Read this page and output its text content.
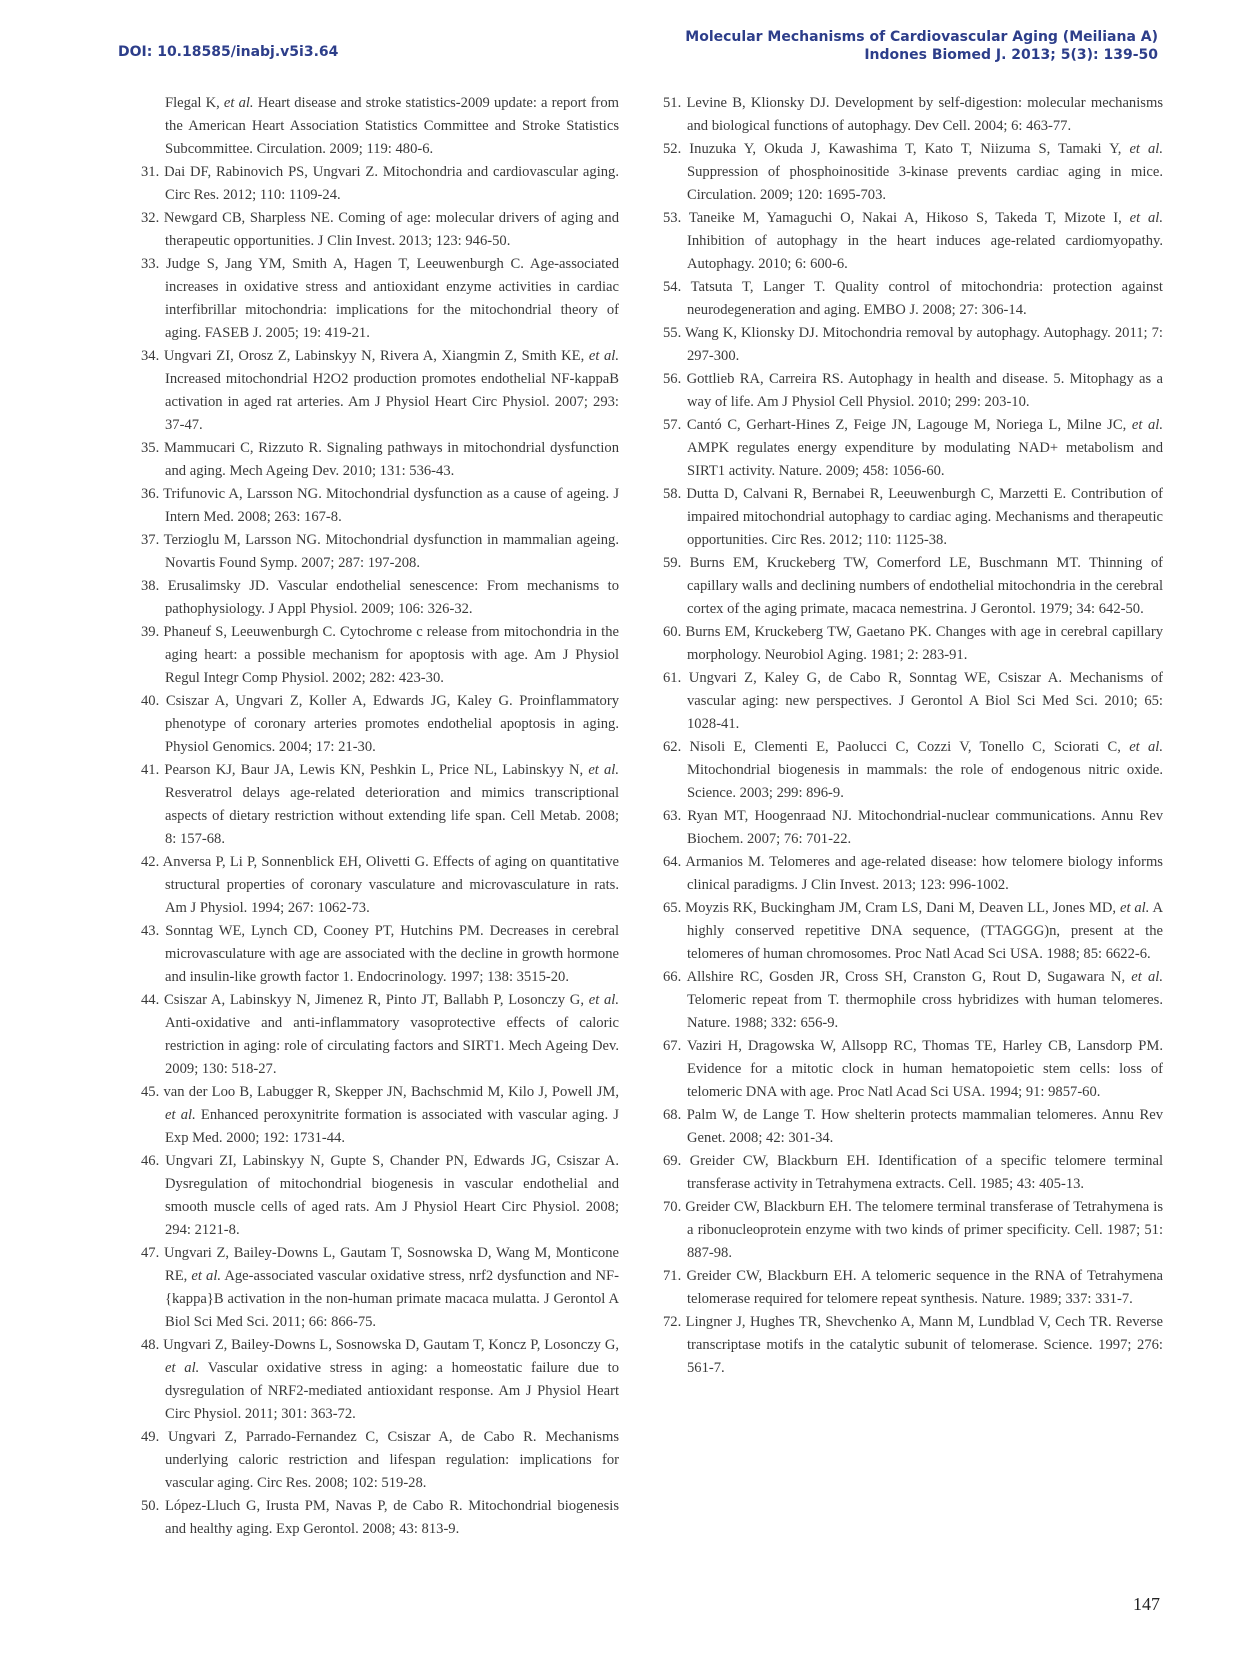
DOI: 10.18585/inabj.v5i3.64
Molecular Mechanisms of Cardiovascular Aging (Meiliana A)
Indones Biomed J. 2013; 5(3): 139-50
Flegal K, et al. Heart disease and stroke statistics-2009 update: a report from the American Heart Association Statistics Committee and Stroke Statistics Subcommittee. Circulation. 2009; 119: 480-6.
31. Dai DF, Rabinovich PS, Ungvari Z. Mitochondria and cardiovascular aging. Circ Res. 2012; 110: 1109-24.
32. Newgard CB, Sharpless NE. Coming of age: molecular drivers of aging and therapeutic opportunities. J Clin Invest. 2013; 123: 946-50.
33. Judge S, Jang YM, Smith A, Hagen T, Leeuwenburgh C. Age-associated increases in oxidative stress and antioxidant enzyme activities in cardiac interfibrillar mitochondria: implications for the mitochondrial theory of aging. FASEB J. 2005; 19: 419-21.
34. Ungvari ZI, Orosz Z, Labinskyy N, Rivera A, Xiangmin Z, Smith KE, et al. Increased mitochondrial H2O2 production promotes endothelial NF-kappaB activation in aged rat arteries. Am J Physiol Heart Circ Physiol. 2007; 293: 37-47.
35. Mammucari C, Rizzuto R. Signaling pathways in mitochondrial dysfunction and aging. Mech Ageing Dev. 2010; 131: 536-43.
36. Trifunovic A, Larsson NG. Mitochondrial dysfunction as a cause of ageing. J Intern Med. 2008; 263: 167-8.
37. Terzioglu M, Larsson NG. Mitochondrial dysfunction in mammalian ageing. Novartis Found Symp. 2007; 287: 197-208.
38. Erusalimsky JD. Vascular endothelial senescence: From mechanisms to pathophysiology. J Appl Physiol. 2009; 106: 326-32.
39. Phaneuf S, Leeuwenburgh C. Cytochrome c release from mitochondria in the aging heart: a possible mechanism for apoptosis with age. Am J Physiol Regul Integr Comp Physiol. 2002; 282: 423-30.
40. Csiszar A, Ungvari Z, Koller A, Edwards JG, Kaley G. Proinflammatory phenotype of coronary arteries promotes endothelial apoptosis in aging. Physiol Genomics. 2004; 17: 21-30.
41. Pearson KJ, Baur JA, Lewis KN, Peshkin L, Price NL, Labinskyy N, et al. Resveratrol delays age-related deterioration and mimics transcriptional aspects of dietary restriction without extending life span. Cell Metab. 2008; 8: 157-68.
42. Anversa P, Li P, Sonnenblick EH, Olivetti G. Effects of aging on quantitative structural properties of coronary vasculature and microvasculature in rats. Am J Physiol. 1994; 267: 1062-73.
43. Sonntag WE, Lynch CD, Cooney PT, Hutchins PM. Decreases in cerebral microvasculature with age are associated with the decline in growth hormone and insulin-like growth factor 1. Endocrinology. 1997; 138: 3515-20.
44. Csiszar A, Labinskyy N, Jimenez R, Pinto JT, Ballabh P, Losonczy G, et al. Anti-oxidative and anti-inflammatory vasoprotective effects of caloric restriction in aging: role of circulating factors and SIRT1. Mech Ageing Dev. 2009; 130: 518-27.
45. van der Loo B, Labugger R, Skepper JN, Bachschmid M, Kilo J, Powell JM, et al. Enhanced peroxynitrite formation is associated with vascular aging. J Exp Med. 2000; 192: 1731-44.
46. Ungvari ZI, Labinskyy N, Gupte S, Chander PN, Edwards JG, Csiszar A. Dysregulation of mitochondrial biogenesis in vascular endothelial and smooth muscle cells of aged rats. Am J Physiol Heart Circ Physiol. 2008; 294: 2121-8.
47. Ungvari Z, Bailey-Downs L, Gautam T, Sosnowska D, Wang M, Monticone RE, et al. Age-associated vascular oxidative stress, nrf2 dysfunction and NF-{kappa}B activation in the non-human primate macaca mulatta. J Gerontol A Biol Sci Med Sci. 2011; 66: 866-75.
48. Ungvari Z, Bailey-Downs L, Sosnowska D, Gautam T, Koncz P, Losonczy G, et al. Vascular oxidative stress in aging: a homeostatic failure due to dysregulation of NRF2-mediated antioxidant response. Am J Physiol Heart Circ Physiol. 2011; 301: 363-72.
49. Ungvari Z, Parrado-Fernandez C, Csiszar A, de Cabo R. Mechanisms underlying caloric restriction and lifespan regulation: implications for vascular aging. Circ Res. 2008; 102: 519-28.
50. López-Lluch G, Irusta PM, Navas P, de Cabo R. Mitochondrial biogenesis and healthy aging. Exp Gerontol. 2008; 43: 813-9.
51. Levine B, Klionsky DJ. Development by self-digestion: molecular mechanisms and biological functions of autophagy. Dev Cell. 2004; 6: 463-77.
52. Inuzuka Y, Okuda J, Kawashima T, Kato T, Niizuma S, Tamaki Y, et al. Suppression of phosphoinositide 3-kinase prevents cardiac aging in mice. Circulation. 2009; 120: 1695-703.
53. Taneike M, Yamaguchi O, Nakai A, Hikoso S, Takeda T, Mizote I, et al. Inhibition of autophagy in the heart induces age-related cardiomyopathy. Autophagy. 2010; 6: 600-6.
54. Tatsuta T, Langer T. Quality control of mitochondria: protection against neurodegeneration and aging. EMBO J. 2008; 27: 306-14.
55. Wang K, Klionsky DJ. Mitochondria removal by autophagy. Autophagy. 2011; 7: 297-300.
56. Gottlieb RA, Carreira RS. Autophagy in health and disease. 5. Mitophagy as a way of life. Am J Physiol Cell Physiol. 2010; 299: 203-10.
57. Cantó C, Gerhart-Hines Z, Feige JN, Lagouge M, Noriega L, Milne JC, et al. AMPK regulates energy expenditure by modulating NAD+ metabolism and SIRT1 activity. Nature. 2009; 458: 1056-60.
58. Dutta D, Calvani R, Bernabei R, Leeuwenburgh C, Marzetti E. Contribution of impaired mitochondrial autophagy to cardiac aging. Mechanisms and therapeutic opportunities. Circ Res. 2012; 110: 1125-38.
59. Burns EM, Kruckeberg TW, Comerford LE, Buschmann MT. Thinning of capillary walls and declining numbers of endothelial mitochondria in the cerebral cortex of the aging primate, macaca nemestrina. J Gerontol. 1979; 34: 642-50.
60. Burns EM, Kruckeberg TW, Gaetano PK. Changes with age in cerebral capillary morphology. Neurobiol Aging. 1981; 2: 283-91.
61. Ungvari Z, Kaley G, de Cabo R, Sonntag WE, Csiszar A. Mechanisms of vascular aging: new perspectives. J Gerontol A Biol Sci Med Sci. 2010; 65: 1028-41.
62. Nisoli E, Clementi E, Paolucci C, Cozzi V, Tonello C, Sciorati C, et al. Mitochondrial biogenesis in mammals: the role of endogenous nitric oxide. Science. 2003; 299: 896-9.
63. Ryan MT, Hoogenraad NJ. Mitochondrial-nuclear communications. Annu Rev Biochem. 2007; 76: 701-22.
64. Armanios M. Telomeres and age-related disease: how telomere biology informs clinical paradigms. J Clin Invest. 2013; 123: 996-1002.
65. Moyzis RK, Buckingham JM, Cram LS, Dani M, Deaven LL, Jones MD, et al. A highly conserved repetitive DNA sequence, (TTAGGG)n, present at the telomeres of human chromosomes. Proc Natl Acad Sci USA. 1988; 85: 6622-6.
66. Allshire RC, Gosden JR, Cross SH, Cranston G, Rout D, Sugawara N, et al. Telomeric repeat from T. thermophile cross hybridizes with human telomeres. Nature. 1988; 332: 656-9.
67. Vaziri H, Dragowska W, Allsopp RC, Thomas TE, Harley CB, Lansdorp PM. Evidence for a mitotic clock in human hematopoietic stem cells: loss of telomeric DNA with age. Proc Natl Acad Sci USA. 1994; 91: 9857-60.
68. Palm W, de Lange T. How shelterin protects mammalian telomeres. Annu Rev Genet. 2008; 42: 301-34.
69. Greider CW, Blackburn EH. Identification of a specific telomere terminal transferase activity in Tetrahymena extracts. Cell. 1985; 43: 405-13.
70. Greider CW, Blackburn EH. The telomere terminal transferase of Tetrahymena is a ribonucleoprotein enzyme with two kinds of primer specificity. Cell. 1987; 51: 887-98.
71. Greider CW, Blackburn EH. A telomeric sequence in the RNA of Tetrahymena telomerase required for telomere repeat synthesis. Nature. 1989; 337: 331-7.
72. Lingner J, Hughes TR, Shevchenko A, Mann M, Lundblad V, Cech TR. Reverse transcriptase motifs in the catalytic subunit of telomerase. Science. 1997; 276: 561-7.
147
